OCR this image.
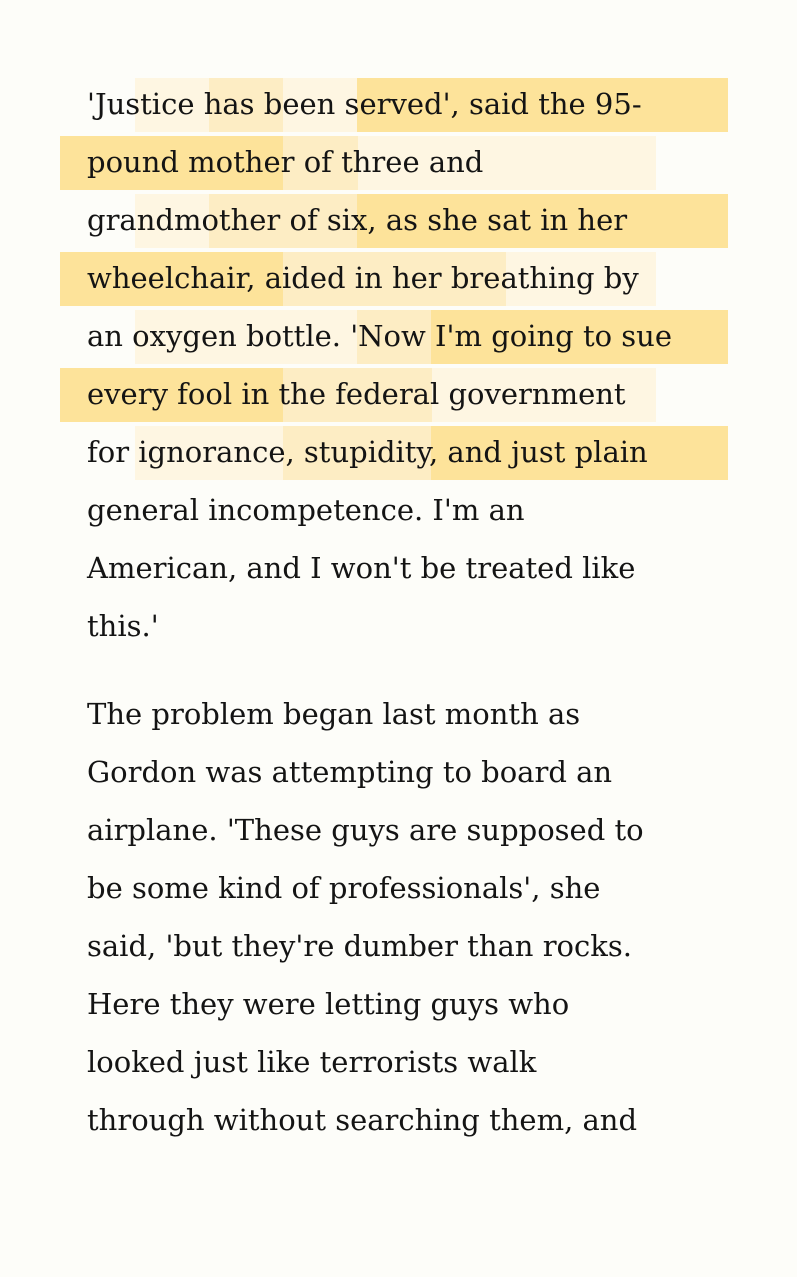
'Justice has been served', said the 95-
pound mother of three and
grandmother of six, as she sat in her
wheelchair, aided in her breathing by
an oxygen bottle. 'Now I'm going to sue
every fool in the federal government
for ignorance, stupidity, and just plain
general incompetence. I'm an
American, and I won't be treated like
this.'
The problem began last month as
Gordon was attempting to board an
airplane. 'These guys are supposed to
be some kind of professionals', she
said, 'but they're dumber than rocks.
Here they were letting guys who
looked just like terrorists walk
through without searching them, and
